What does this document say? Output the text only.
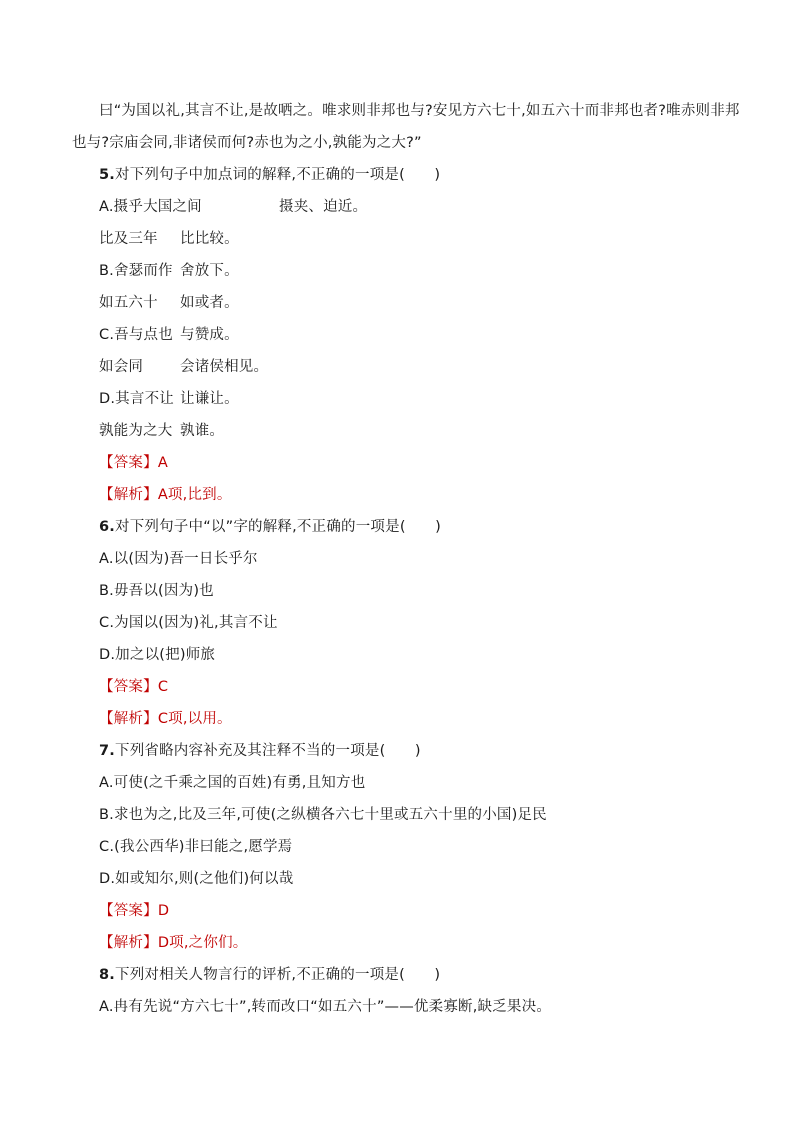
曰“为国以礼,其言不让,是故哂之。唯求则非邦也与?安见方六七十,如五六十而非邦也者?唯赤则非邦
也与?宗庙会同,非诸侯而何?赤也为之小,孰能为之大?”
5.对下列句子中加点词的解释,不正确的一项是(　　)
A.摄乎大国之间	摄夹、迫近。
比及三年 比比较。
B.舍瑟而作 舍放下。
如五六十 如或者。
C.吾与点也 与赞成。
如会同	会诸侯相见。
D.其言不让 让谦让。
孰能为之大 孰谁。
【答案】A
【解析】A项,比到。
6.对下列句子中“以”字的解释,不正确的一项是(　　)
A.以(因为)吾一日长乎尔
B.毋吾以(因为)也
C.为国以(因为)礼,其言不让
D.加之以(把)师旅
【答案】C
【解析】C项,以用。
7.下列省略内容补充及其注释不当的一项是(　　)
A.可使(之千乘之国的百姓)有勇,且知方也
B.求也为之,比及三年,可使(之纵横各六七十里或五六十里的小国)足民
C.(我公西华)非曰能之,愿学焉
D.如或知尔,则(之他们)何以哉
【答案】D
【解析】D项,之你们。
8.下列对相关人物言行的评析,不正确的一项是(　　)
A.冉有先说“方六七十”,转而改口“如五六十”——优柔寡断,缺乏果决。
